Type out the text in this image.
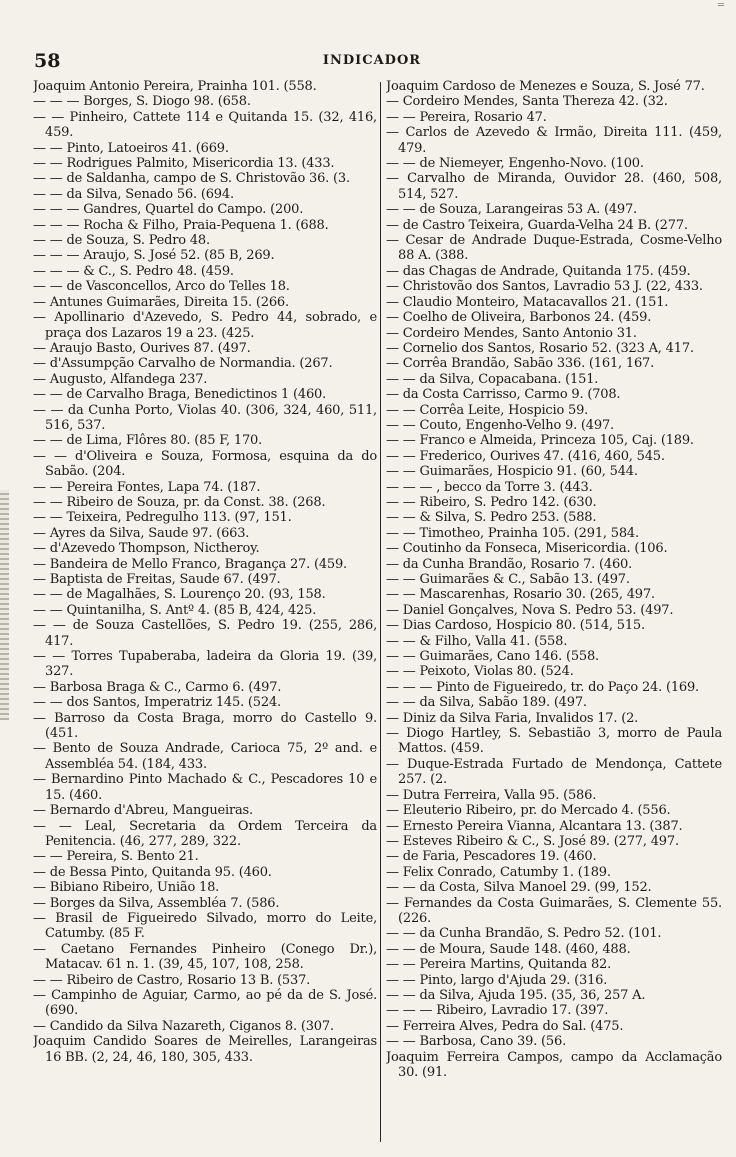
═
58	INDICADOR
Joaquim Antonio Pereira, Prainha 101. (558.
— — — Borges, S. Diogo 98. (658.
— — Pinheiro, Cattete 114 e Quitanda 15. (32, 416, 459.
— — Pinto, Latoeiros 41. (669.
— — Rodrigues Palmito, Misericordia 13. (433.
— — de Saldanha, campo de S. Christovão 36. (3.
— — da Silva, Senado 56. (694.
— — — Gandres, Quartel do Campo. (200.
— — — Rocha & Filho, Praia-Pequena 1. (688.
— — de Souza, S. Pedro 48.
— — — Araujo, S. José 52. (85 B, 269.
— — — & C., S. Pedro 48. (459.
— — de Vasconcellos, Arco do Telles 18.
— Antunes Guimarães, Direita 15. (266.
— Apollinario d'Azevedo, S. Pedro 44, sobrado, e praça dos Lazaros 19 a 23. (425.
— Araujo Basto, Ourives 87. (497.
— d'Assumpção Carvalho de Normandia. (267.
— Augusto, Alfandega 237.
— — de Carvalho Braga, Benedictinos 1 (460.
— — da Cunha Porto, Violas 40. (306, 324, 460, 511, 516, 537.
— — de Lima, Flôres 80. (85 F, 170.
— — d'Oliveira e Souza, Formosa, esquina da do Sabão. (204.
— — Pereira Fontes, Lapa 74. (187.
— — Ribeiro de Souza, pr. da Const. 38. (268.
— — Teixeira, Pedregulho 113. (97, 151.
— Ayres da Silva, Saude 97. (663.
— d'Azevedo Thompson, Nictheroy.
— Bandeira de Mello Franco, Bragança 27. (459.
— Baptista de Freitas, Saude 67. (497.
— — de Magalhães, S. Lourenço 20. (93, 158.
— — Quintanilha, S. Antº 4. (85 B, 424, 425.
— — de Souza Castellões, S. Pedro 19. (255, 286, 417.
— — Torres Tupaberaba, ladeira da Gloria 19. (39, 327.
— Barbosa Braga & C., Carmo 6. (497.
— — dos Santos, Imperatriz 145. (524.
— Barroso da Costa Braga, morro do Castello 9. (451.
— Bento de Souza Andrade, Carioca 75, 2º and. e Assembléa 54. (184, 433.
— Bernardino Pinto Machado & C., Pescadores 10 e 15. (460.
— Bernardo d'Abreu, Mangueiras.
— — Leal, Secretaria da Ordem Terceira da Penitencia. (46, 277, 289, 322.
— — Pereira, S. Bento 21.
— de Bessa Pinto, Quitanda 95. (460.
— Bibiano Ribeiro, União 18.
— Borges da Silva, Assembléa 7. (586.
— Brasil de Figueiredo Silvado, morro do Leite, Catumby. (85 F.
— Caetano Fernandes Pinheiro (Conego Dr.), Matacav. 61 n. 1. (39, 45, 107, 108, 258.
— — Ribeiro de Castro, Rosario 13 B. (537.
— Campinho de Aguiar, Carmo, ao pé da de S. José. (690.
— Candido da Silva Nazareth, Ciganos 8. (307.
Joaquim Candido Soares de Meirelles, Larangeiras 16 BB. (2, 24, 46, 180, 305, 433.
Joaquim Cardoso de Menezes e Souza, S. José 77.
— Cordeiro Mendes, Santa Thereza 42. (32.
— — Pereira, Rosario 47.
— Carlos de Azevedo & Irmão, Direita 111. (459, 479.
— — de Niemeyer, Engenho-Novo. (100.
— Carvalho de Miranda, Ouvidor 28. (460, 508, 514, 527.
— — de Souza, Larangeiras 53 A. (497.
— de Castro Teixeira, Guarda-Velha 24 B. (277.
— Cesar de Andrade Duque-Estrada, Cosme-Velho 88 A. (388.
— das Chagas de Andrade, Quitanda 175. (459.
— Christovão dos Santos, Lavradio 53 J. (22, 433.
— Claudio Monteiro, Matacavallos 21. (151.
— Coelho de Oliveira, Barbonos 24. (459.
— Cordeiro Mendes, Santo Antonio 31.
— Cornelio dos Santos, Rosario 52. (323 A, 417.
— Corrêa Brandão, Sabão 336. (161, 167.
— — da Silva, Copacabana. (151.
— da Costa Carrisso, Carmo 9. (708.
— — Corrêa Leite, Hospicio 59.
— — Couto, Engenho-Velho 9. (497.
— — Franco e Almeida, Princeza 105, Caj. (189.
— — Frederico, Ourives 47. (416, 460, 545.
— — Guimarães, Hospicio 91. (60, 544.
— — — , becco da Torre 3. (443.
— — Ribeiro, S. Pedro 142. (630.
— — & Silva, S. Pedro 253. (588.
— — Timotheo, Prainha 105. (291, 584.
— Coutinho da Fonseca, Misericordia. (106.
— da Cunha Brandão, Rosario 7. (460.
— — Guimarães & C., Sabão 13. (497.
— — Mascarenhas, Rosario 30. (265, 497.
— Daniel Gonçalves, Nova S. Pedro 53. (497.
— Dias Cardoso, Hospicio 80. (514, 515.
— — & Filho, Valla 41. (558.
— — Guimarães, Cano 146. (558.
— — Peixoto, Violas 80. (524.
— — — Pinto de Figueiredo, tr. do Paço 24. (169.
— — da Silva, Sabão 189. (497.
— Diniz da Silva Faria, Invalidos 17. (2.
— Diogo Hartley, S. Sebastião 3, morro de Paula Mattos. (459.
— Duque-Estrada Furtado de Mendonça, Cattete 257. (2.
— Dutra Ferreira, Valla 95. (586.
— Eleuterio Ribeiro, pr. do Mercado 4. (556.
— Ernesto Pereira Vianna, Alcantara 13. (387.
— Esteves Ribeiro & C., S. José 89. (277, 497.
— de Faria, Pescadores 19. (460.
— Felix Conrado, Catumby 1. (189.
— — da Costa, Silva Manoel 29. (99, 152.
— Fernandes da Costa Guimarães, S. Clemente 55. (226.
— — da Cunha Brandão, S. Pedro 52. (101.
— — de Moura, Saude 148. (460, 488.
— — Pereira Martins, Quitanda 82.
— — Pinto, largo d'Ajuda 29. (316.
— — da Silva, Ajuda 195. (35, 36, 257 A.
— — — Ribeiro, Lavradio 17. (397.
— Ferreira Alves, Pedra do Sal. (475.
— — Barbosa, Cano 39. (56.
Joaquim Ferreira Campos, campo da Acclamação 30. (91.
